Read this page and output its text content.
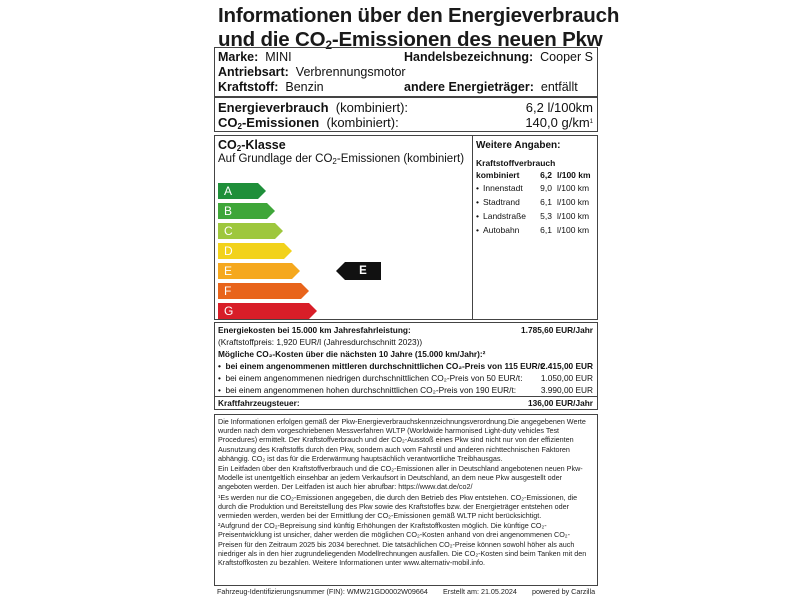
Informationen über den Energieverbrauch
und die $CO_2$-Emissionen des neuen Pkw
Marke: MINI	Handelsbezeichnung: Cooper S
Antriebsart: Verbrennungsmotor
Kraftstoff: Benzin	andere Energieträger: entfällt
Energieverbrauch (kombiniert):	6,2 l/100km
$CO_2$-Emissionen (kombiniert):	140,0 $g/km^1$
$CO_2$-Klasse
Auf Grundlage der $CO_2$-Emissionen (kombiniert)
A
B
C
D
E
F
G
E
Weitere Angaben:
Kraftstoffverbrauch
kombiniert	6,2 l/100 km
• Innenstadt	9,0 l/100 km
• Stadtrand	6,1 l/100 km
• Landstraße	5,3 l/100 km
• Autobahn	6,1 l/100 km
Energiekosten bei 15.000 km Jahresfahrleistung:	1.785,60 EUR/Jahr
(Kraftstoffpreis: 1,920 EUR/l (Jahresdurchschnitt 2023))
Mögliche CO₂-Kosten über die nächsten 10 Jahre (15.000 km/Jahr):²
•  bei einem angenommenen mittleren durchschnittlichen CO₂-Preis von 115 EUR/t:
2.415,00 EUR
•  bei einem angenommenen niedrigen durchschnittlichen CO₂-Preis von 50 EUR/t: 1.050,00 EUR
•  bei einem angenommenen hohen durchschnittlichen CO₂-Preis von 190 EUR/t:	3.990,00 EUR
Kraftfahrzeugsteuer:	136,00 EUR/Jahr

Die Informationen erfolgen gemäß der Pkw-Energieverbrauchskennzeichnungsverordnung.Die angegebenen Werte wurden nach dem vorgeschriebenen Messverfahren WLTP (Worldwide harmonised Light-duty vehicles Test Procedures) ermittelt. Der Kraftstoffverbrauch und der CO₂-Ausstoß eines Pkw sind nicht nur von der effizienten Ausnutzung des Kraftstoffs durch den Pkw, sondern auch vom Fahrstil und anderen nichttechnischen Faktoren abhängig. CO₂ ist das für die Erderwärmung hauptsächlich verantwortliche Treibhausgas.

Ein Leitfaden über den Kraftstoffverbrauch und die CO₂-Emissionen aller in Deutschland angebotenen neuen Pkw-Modelle ist unentgeltlich einsehbar an jedem Verkaufsort in Deutschland, an dem neue Pkw ausgestellt oder angeboten werden. Der Leitfaden ist auch hier abrufbar: https://www.dat.de/co2/

¹Es werden nur die CO₂-Emissionen angegeben, die durch den Betrieb des Pkw entstehen. CO₂-Emissionen, die durch die Produktion und Bereitstellung des Pkw sowie des Kraftstoffes bzw. der Energieträger entstehen oder vermieden werden, werden bei der Ermittlung der CO₂-Emissionen gemäß WLTP nicht berücksichtigt.

²Aufgrund der CO₂-Bepreisung sind künftig Erhöhungen der Kraftstoffkosten möglich. Die künftige CO₂-Preisentwicklung ist unsicher, daher werden die möglichen CO₂-Kosten anhand von drei angenommenen CO₂-Preisen für den Zeitraum 2025 bis 2034 berechnet. Die tatsächlichen CO₂-Preise können sowohl höher als auch niedriger als in den hier zugrundeliegenden Modellrechnungen ausfallen. Die CO₂-Kosten sind beim Tanken mit den Kraftstoffkosten zu bezahlen. Weitere Informationen unter www.alternativ-mobil.info.

Fahrzeug-Identifizierungsnummer (FIN): WMW21GD0002W09664 Erstellt am: 21.05.2024 powered by Carzilla
